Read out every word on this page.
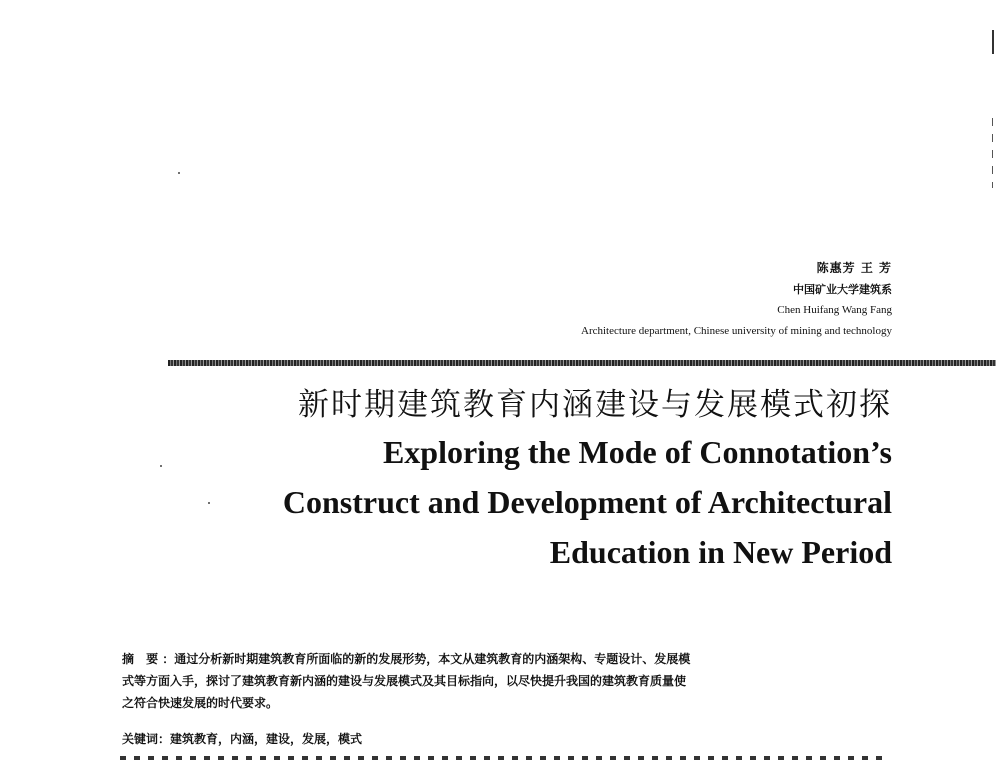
陈惠芳 王 芳
中国矿业大学建筑系
Chen Huifang Wang Fang
Architecture department, Chinese university of mining and technology
新时期建筑教育内涵建设与发展模式初探
Exploring the Mode of Connotation’s
Construct and Development of Architectural
Education in New Period
摘 要：通过分析新时期建筑教育所面临的新的发展形势，本文从建筑教育的内涵架构、专题设计、发展模
式等方面入手，探讨了建筑教育新内涵的建设与发展模式及其目标指向，以尽快提升我国的建筑教育质量使
之符合快速发展的时代要求。
关键词：建筑教育，内涵，建设，发展，模式
